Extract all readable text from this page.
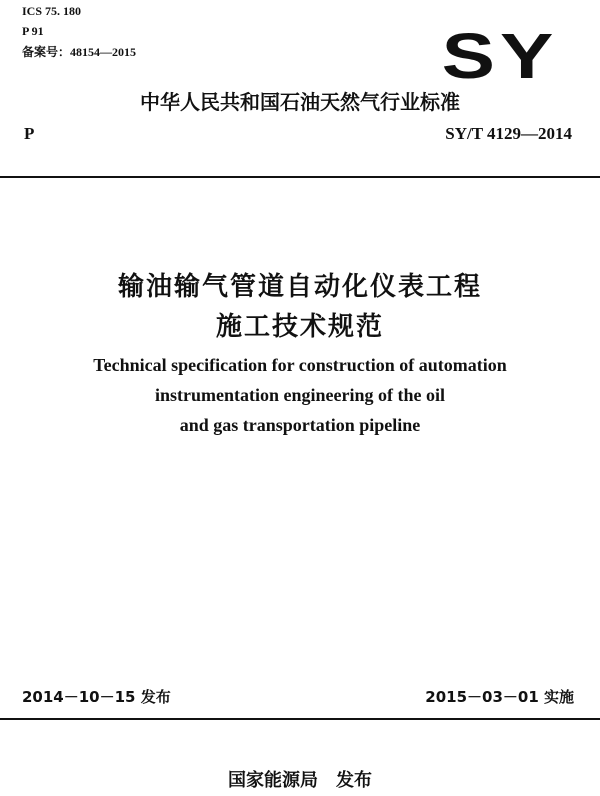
ICS 75. 180
P 91
备案号：48154—2015	SY
中华人民共和国石油天然气行业标准
P	SY/T 4129—2014
输油输气管道自动化仪表工程
施工技术规范
Technical specification for construction of automation
instrumentation engineering of the oil
and gas transportation pipeline
2014－10－15 发布	2015－03－01 实施
国家能源局　发布
